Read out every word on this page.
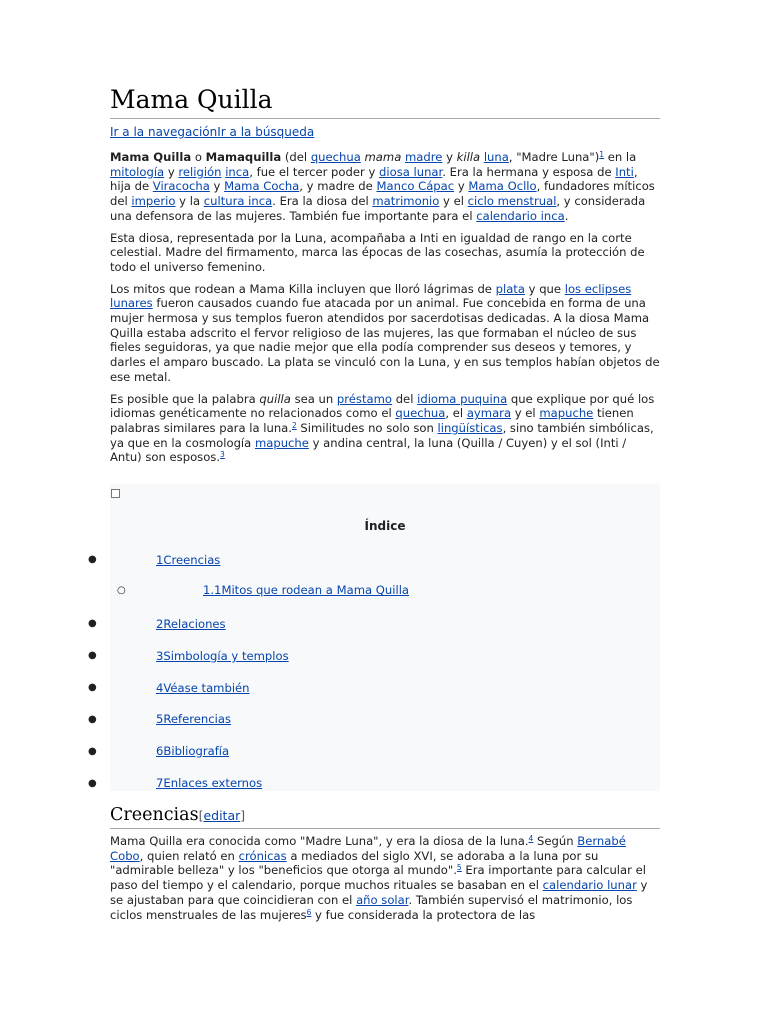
Mama Quilla
Ir a la navegaciónIr a la búsqueda

Mama Quilla o Mamaquilla (del quechua mama madre y killa luna, "Madre Luna")$^1$ en la mitología y religión inca, fue el tercer poder y diosa lunar. Era la hermana y esposa de Inti, hija de Viracocha y Mama Cocha, y madre de Manco Cápac y Mama Ocllo, fundadores míticos del imperio y la cultura inca. Era la diosa del matrimonio y el ciclo menstrual, y considerada una defensora de las mujeres. También fue importante para el calendario inca.

Esta diosa, representada por la Luna, acompañaba a Inti en igualdad de rango en la corte celestial. Madre del firmamento, marca las épocas de las cosechas, asumía la protección de todo el universo femenino.

Los mitos que rodean a Mama Killa incluyen que lloró lágrimas de plata y que los eclipses lunares fueron causados cuando fue atacada por un animal. Fue concebida en forma de una mujer hermosa y sus templos fueron atendidos por sacerdotisas dedicadas. A la diosa Mama Quilla estaba adscrito el fervor religioso de las mujeres, las que formaban el núcleo de sus fieles seguidoras, ya que nadie mejor que ella podía comprender sus deseos y temores, y darles el amparo buscado. La plata se vinculó con la Luna, y en sus templos habían objetos de ese metal.

Es posible que la palabra quilla sea un préstamo del idioma puquina que explique por qué los idiomas genéticamente no relacionados como el quechua, el aymara y el mapuche tienen palabras similares para la luna.$^2$ Similitudes no solo son lingüísticas, sino también simbólicas, ya que en la cosmología mapuche y andina central, la luna (Quilla / Cuyen) y el sol (Inti / Antu) son esposos.$^3$

Índice
●	1Creencias
○	1.1Mitos que rodean a Mama Quilla
●	2Relaciones
●	3Simbología y templos
●	4Véase también
●	5Referencias
●	6Bibliografía
●	7Enlaces externos
Creencias[editar]

Mama Quilla era conocida como "Madre Luna", y era la diosa de la luna.$^4$ Según Bernabé Cobo, quien relató en crónicas a mediados del siglo XVI, se adoraba a la luna por su "admirable belleza" y los "beneficios que otorga al mundo".$^5$ Era importante para calcular el paso del tiempo y el calendario, porque muchos rituales se basaban en el calendario lunar y se ajustaban para que coincidieran con el año solar. También supervisó el matrimonio, los ciclos menstruales de las mujeres$^6$ y fue considerada la protectora de las
